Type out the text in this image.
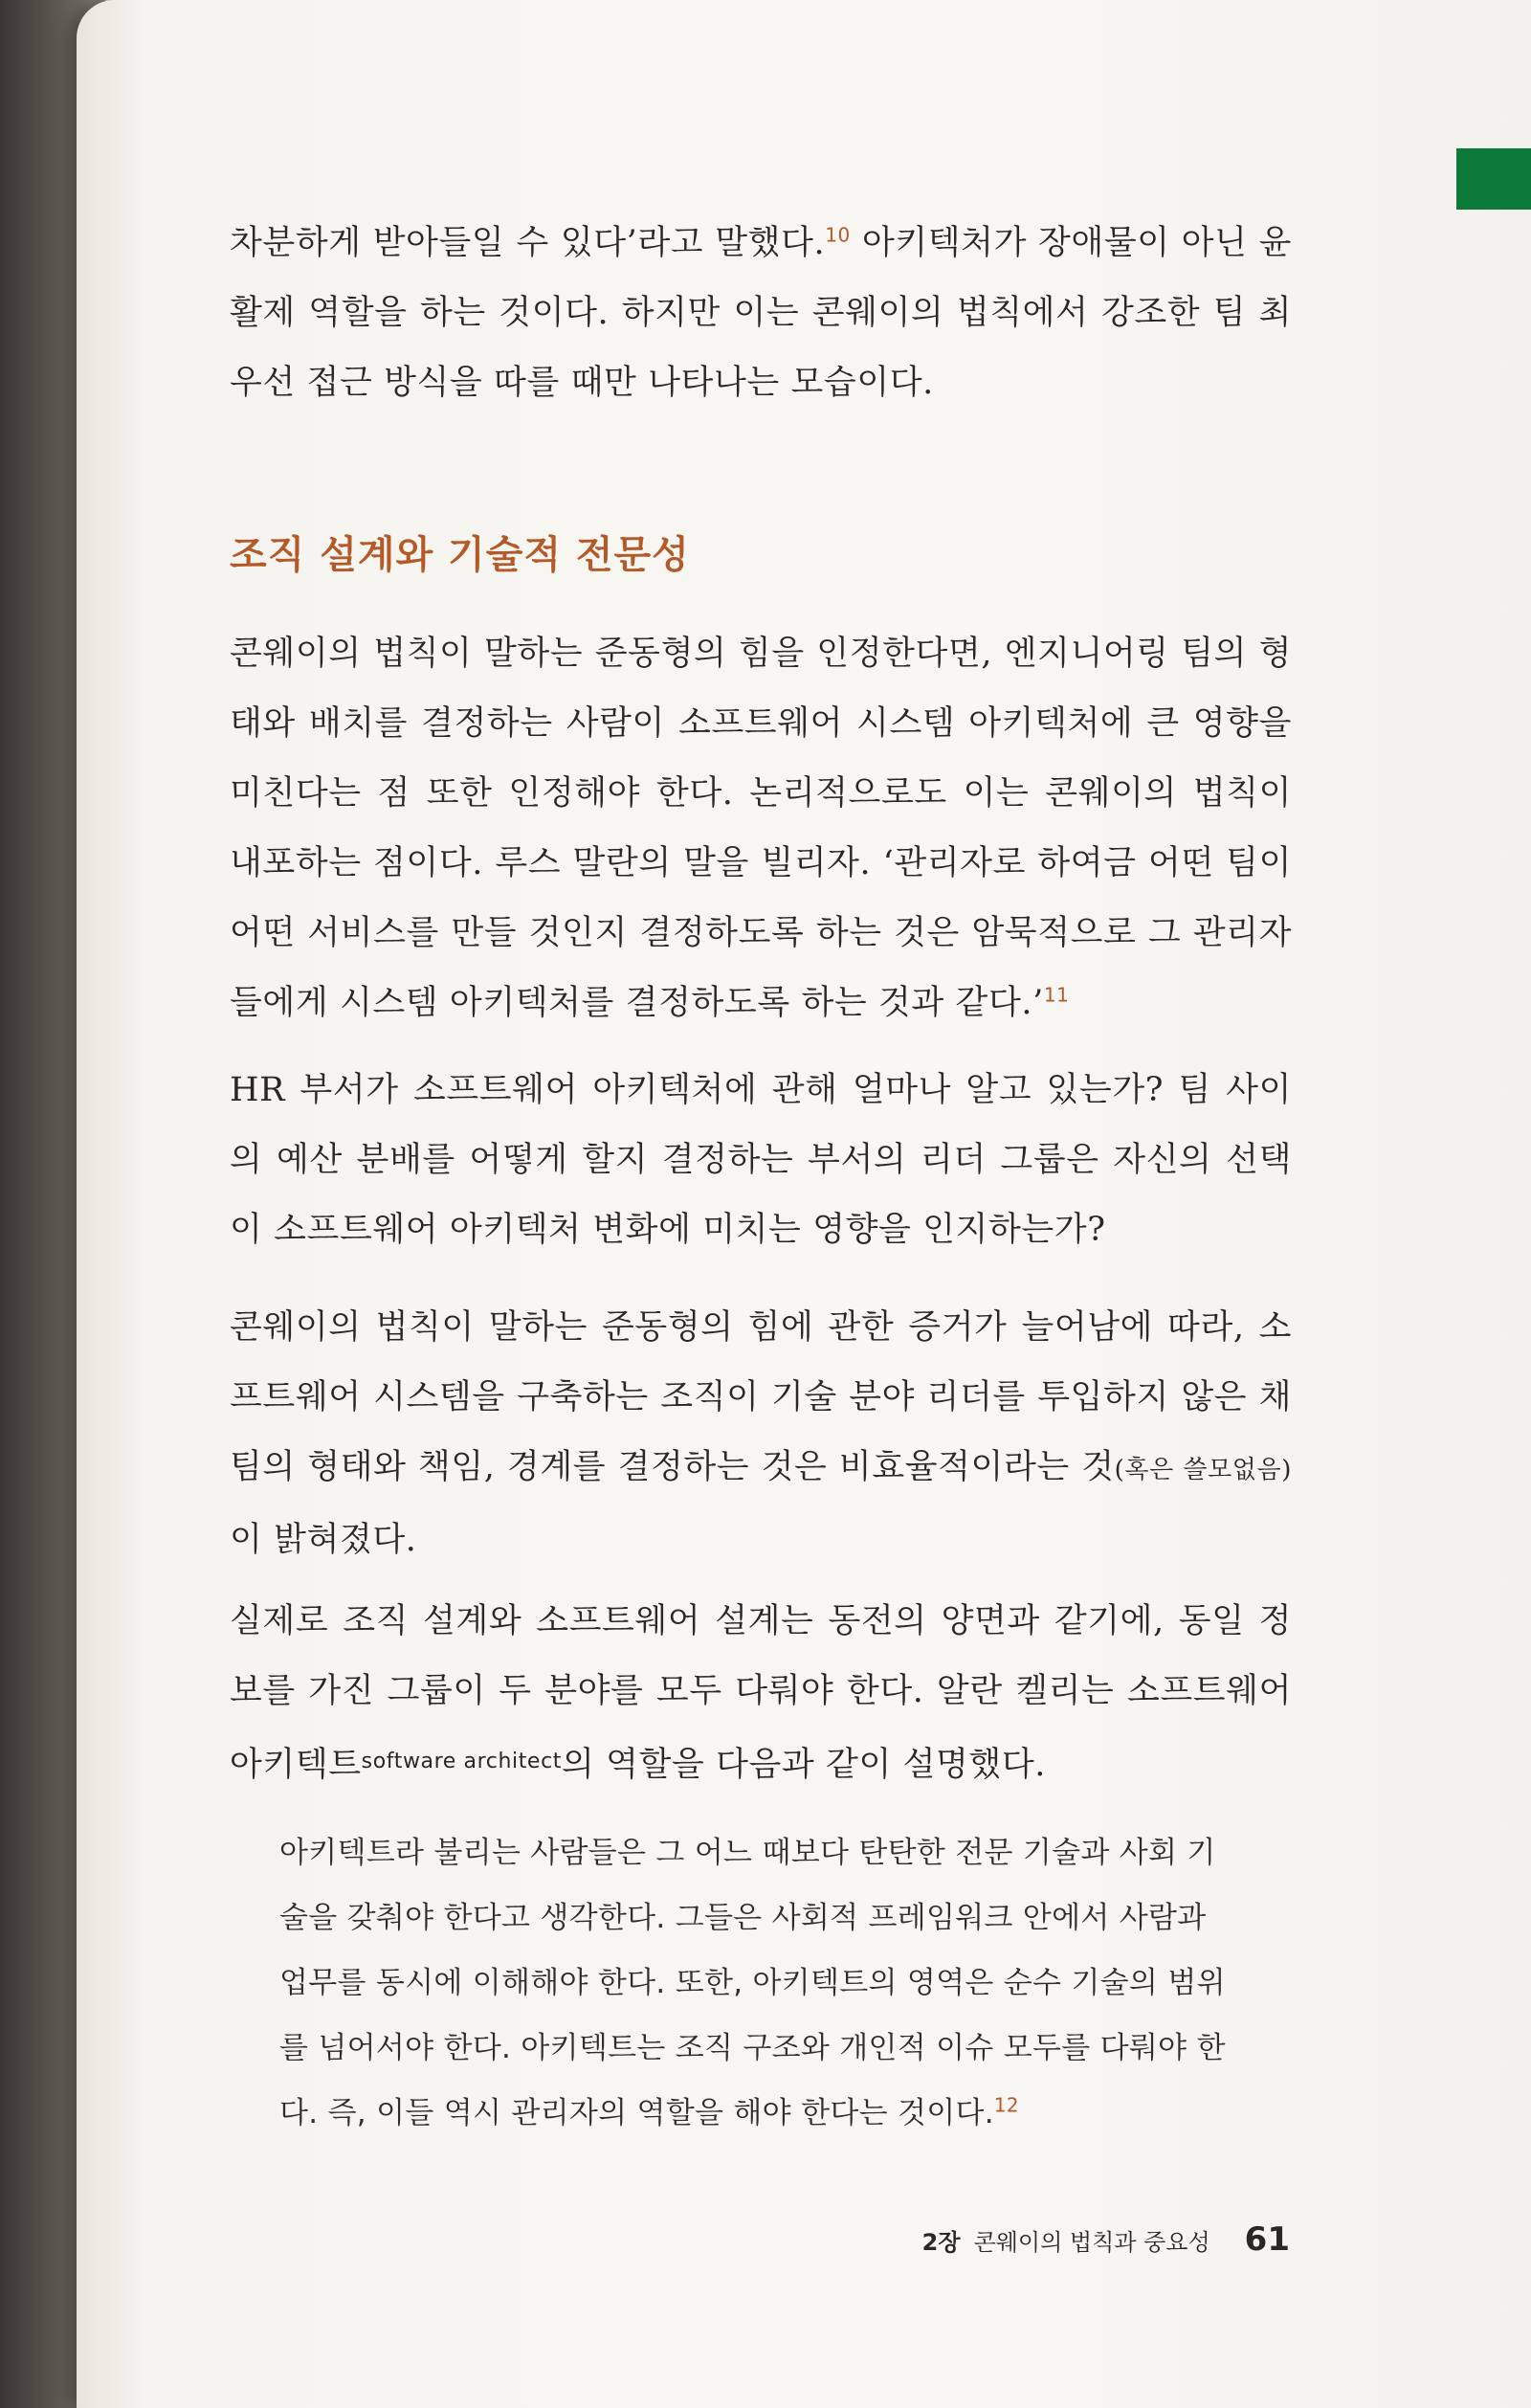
차분하게 받아들일 수 있다’라고 말했다.$^{10}$ 아키텍처가 장애물이 아닌 윤활제 역할을 하는 것이다. 하지만 이는 콘웨이의 법칙에서 강조한 팀 최우선 접근 방식을 따를 때만 나타나는 모습이다.

조직 설계와 기술적 전문성

콘웨이의 법칙이 말하는 준동형의 힘을 인정한다면, 엔지니어링 팀의 형태와 배치를 결정하는 사람이 소프트웨어 시스템 아키텍처에 큰 영향을 미친다는 점 또한 인정해야 한다. 논리적으로도 이는 콘웨이의 법칙이 내포하는 점이다. 루스 말란의 말을 빌리자. ‘관리자로 하여금 어떤 팀이 어떤 서비스를 만들 것인지 결정하도록 하는 것은 암묵적으로 그 관리자들에게 시스템 아키텍처를 결정하도록 하는 것과 같다.’$^{11}$

HR 부서가 소프트웨어 아키텍처에 관해 얼마나 알고 있는가? 팀 사이의 예산 분배를 어떻게 할지 결정하는 부서의 리더 그룹은 자신의 선택이 소프트웨어 아키텍처 변화에 미치는 영향을 인지하는가?

콘웨이의 법칙이 말하는 준동형의 힘에 관한 증거가 늘어남에 따라, 소프트웨어 시스템을 구축하는 조직이 기술 분야 리더를 투입하지 않은 채 팀의 형태와 책임, 경계를 결정하는 것은 비효율적이라는 것(혹은 쓸모없음)이 밝혀졌다.

실제로 조직 설계와 소프트웨어 설계는 동전의 양면과 같기에, 동일 정보를 가진 그룹이 두 분야를 모두 다뤄야 한다. 알란 켈리는 소프트웨어 아키텍트$^{software architect}$의 역할을 다음과 같이 설명했다.

아키텍트라 불리는 사람들은 그 어느 때보다 탄탄한 전문 기술과 사회 기술을 갖춰야 한다고 생각한다. 그들은 사회적 프레임워크 안에서 사람과 업무를 동시에 이해해야 한다. 또한, 아키텍트의 영역은 순수 기술의 범위를 넘어서야 한다. 아키텍트는 조직 구조와 개인적 이슈 모두를 다뤄야 한다. 즉, 이들 역시 관리자의 역할을 해야 한다는 것이다.$^{12}$
2장 콘웨이의 법칙과 중요성 61
